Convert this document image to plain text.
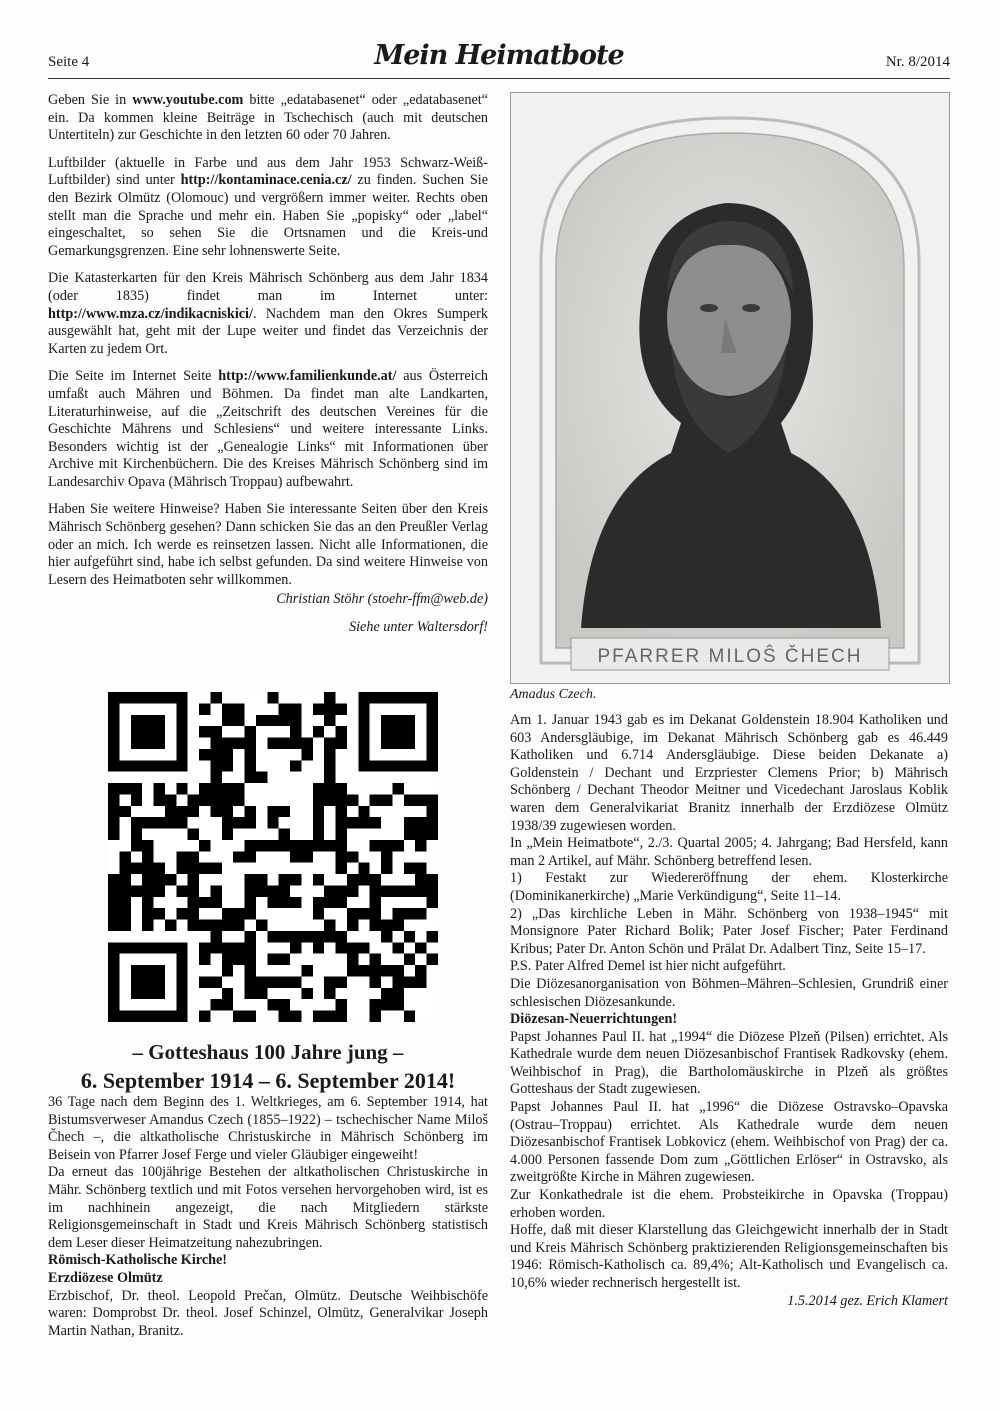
Seite 4	Mein Heimatbote	Nr. 8/2014

Geben Sie in www.youtube.com bitte „edatabasenet“ oder „edatabasenet“ ein. Da kommen kleine Beiträge in Tschechisch (auch mit deutschen Untertiteln) zur Geschichte in den letzten 60 oder 70 Jahren.

Luftbilder (aktuelle in Farbe und aus dem Jahr 1953 Schwarz-Weiß-Luftbilder) sind unter http://kontaminace.cenia.cz/ zu finden. Suchen Sie den Bezirk Olmütz (Olomouc) und vergrößern immer weiter. Rechts oben stellt man die Sprache und mehr ein. Haben Sie „popisky“ oder „label“ eingeschaltet, so sehen Sie die Ortsnamen und die Kreis-und Gemarkungsgrenzen. Eine sehr lohnenswerte Seite.

Die Katasterkarten für den Kreis Mährisch Schönberg aus dem Jahr 1834 (oder 1835) findet man im Internet unter: http://www.mza.cz/indikacniskici/. Nachdem man den Okres Sumperk ausgewählt hat, geht mit der Lupe weiter und findet das Verzeichnis der Karten zu jedem Ort.

Die Seite im Internet Seite http://www.familienkunde.at/ aus Österreich umfaßt auch Mähren und Böhmen. Da findet man alte Landkarten, Literaturhinweise, auf die „Zeitschrift des deutschen Vereines für die Geschichte Mährens und Schlesiens“ und weitere interessante Links. Besonders wichtig ist der „Genealogie Links“ mit Informationen über Archive mit Kirchenbüchern. Die des Kreises Mährisch Schönberg sind im Landesarchiv Opava (Mährisch Troppau) aufbewahrt.

Haben Sie weitere Hinweise? Haben Sie interessante Seiten über den Kreis Mährisch Schönberg gesehen? Dann schicken Sie das an den Preußler Verlag oder an mich. Ich werde es reinsetzen lassen. Nicht alle Informationen, die hier aufgeführt sind, habe ich selbst gefunden. Da sind weitere Hinweise von Lesern des Heimatboten sehr willkommen.

Christian Stöhr (stoehr-ffm@web.de)

Siehe unter Waltersdorf!

– Gotteshaus 100 Jahre jung –
6. September 1914 – 6. September 2014!

36 Tage nach dem Beginn des 1. Weltkrieges, am 6. September 1914, hat Bistumsverweser Amandus Czech (1855–1922) – tschechischer Name Miloš Čhech –, die altkatholische Christuskirche in Mährisch Schönberg im Beisein von Pfarrer Josef Ferge und vieler Gläubiger eingeweiht!

Da erneut das 100jährige Bestehen der altkatholischen Christuskirche in Mähr. Schönberg textlich und mit Fotos versehen hervorgehoben wird, ist es im nachhinein angezeigt, die nach Mitgliedern stärkste Religionsgemeinschaft in Stadt und Kreis Mährisch Schönberg statistisch dem Leser dieser Heimatzeitung nahezubringen.

Römisch-Katholische Kirche!

Erzdiözese Olmütz

Erzbischof, Dr. theol. Leopold Prečan, Olmütz. Deutsche Weihbischöfe waren: Domprobst Dr. theol. Josef Schinzel, Olmütz, Generalvikar Joseph Martin Nathan, Branitz.

PFARRER MILOŜ ČHECH
Amadus Czech.

Am 1. Januar 1943 gab es im Dekanat Goldenstein 18.904 Katholiken und 603 Andersgläubige, im Dekanat Mährisch Schönberg gab es 46.449 Katholiken und 6.714 Andersgläubige. Diese beiden Dekanate a) Goldenstein / Dechant und Erzpriester Clemens Prior; b) Mährisch Schönberg / Dechant Theodor Meitner und Vicedechant Jaroslaus Koblik waren dem Generalvikariat Branitz innerhalb der Erzdiözese Olmütz 1938/39 zugewiesen worden.

In „Mein Heimatbote“, 2./3. Quartal 2005; 4. Jahrgang; Bad Hersfeld, kann man 2 Artikel, auf Mähr. Schönberg betreffend lesen.

1) Festakt zur Wiedereröffnung der ehem. Klosterkirche (Dominikanerkirche) „Marie Verkündigung“, Seite 11–14.

2) „Das kirchliche Leben in Mähr. Schönberg von 1938–1945“ mit Monsignore Pater Richard Bolik; Pater Josef Fischer; Pater Ferdinand Kribus; Pater Dr. Anton Schön und Prälat Dr. Adalbert Tinz, Seite 15–17.

P.S. Pater Alfred Demel ist hier nicht aufgeführt.

Die Diözesanorganisation von Böhmen–Mähren–Schlesien, Grundriß einer schlesischen Diözesankunde.

Diözesan-Neuerrichtungen!

Papst Johannes Paul II. hat „1994“ die Diözese Plzeň (Pilsen) errichtet. Als Kathedrale wurde dem neuen Diözesanbischof Frantisek Radkovsky (ehem. Weihbischof in Prag), die Bartholomäuskirche in Plzeň als größtes Gotteshaus der Stadt zugewiesen.

Papst Johannes Paul II. hat „1996“ die Diözese Ostravsko–Opavska (Ostrau–Troppau) errichtet. Als Kathedrale wurde dem neuen Diözesanbischof Frantisek Lobkovicz (ehem. Weihbischof von Prag) der ca. 4.000 Personen fassende Dom zum „Göttlichen Erlöser“ in Ostravsko, als zweitgrößte Kirche in Mähren zugewiesen.

Zur Konkathedrale ist die ehem. Probsteikirche in Opavska (Troppau) erhoben worden.

Hoffe, daß mit dieser Klarstellung das Gleichgewicht innerhalb der in Stadt und Kreis Mährisch Schönberg praktizierenden Religionsgemeinschaften bis 1946: Römisch-Katholisch ca. 89,4%; Alt-Katholisch und Evangelisch ca. 10,6% wieder rechnerisch hergestellt ist.

1.5.2014 gez. Erich Klamert
